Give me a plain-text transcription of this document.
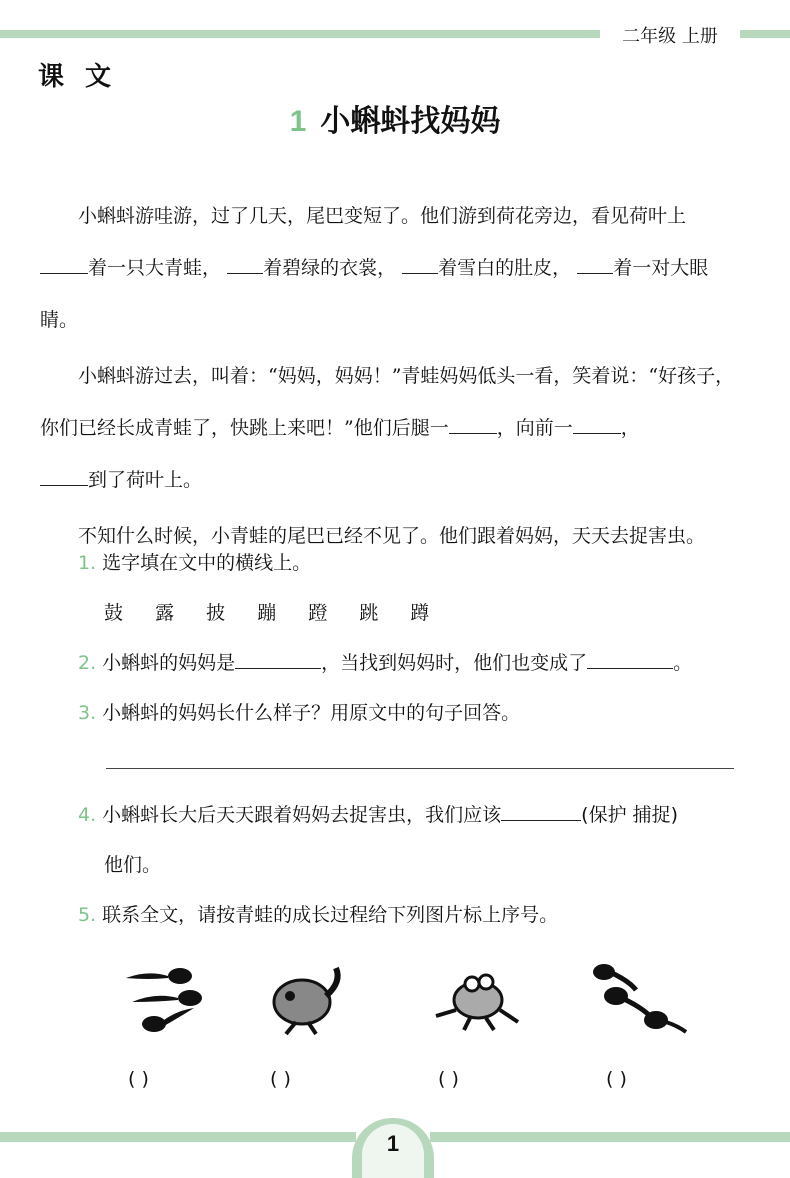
二年级 上册
课 文
1 小蝌蚪找妈妈

小蝌蚪游哇游，过了几天，尾巴变短了。他们游到荷花旁边，看见荷叶上
着一只大青蛙， 着碧绿的衣裳， 着雪白的肚皮， 着一对大眼睛。

小蝌蚪游过去，叫着：“妈妈，妈妈！”青蛙妈妈低头一看，笑着说：“好孩子，你们已经长成青蛙了，快跳上来吧！”他们后腿一	，向前一	，
到了荷叶上。

不知什么时候，小青蛙的尾巴已经不见了。他们跟着妈妈，天天去捉害虫。

1. 选字填在文中的横线上。
鼓 露 披 蹦 蹬 跳 蹲
2. 小蝌蚪的妈妈是	，当找到妈妈时，他们也变成了	。
3. 小蝌蚪的妈妈长什么样子？用原文中的句子回答。
4. 小蝌蚪长大后天天跟着妈妈去捉害虫，我们应该	(保护 捕捉)
他们。
5. 联系全文，请按青蛙的成长过程给下列图片标上序号。
( )	( )	( )	( )
1
